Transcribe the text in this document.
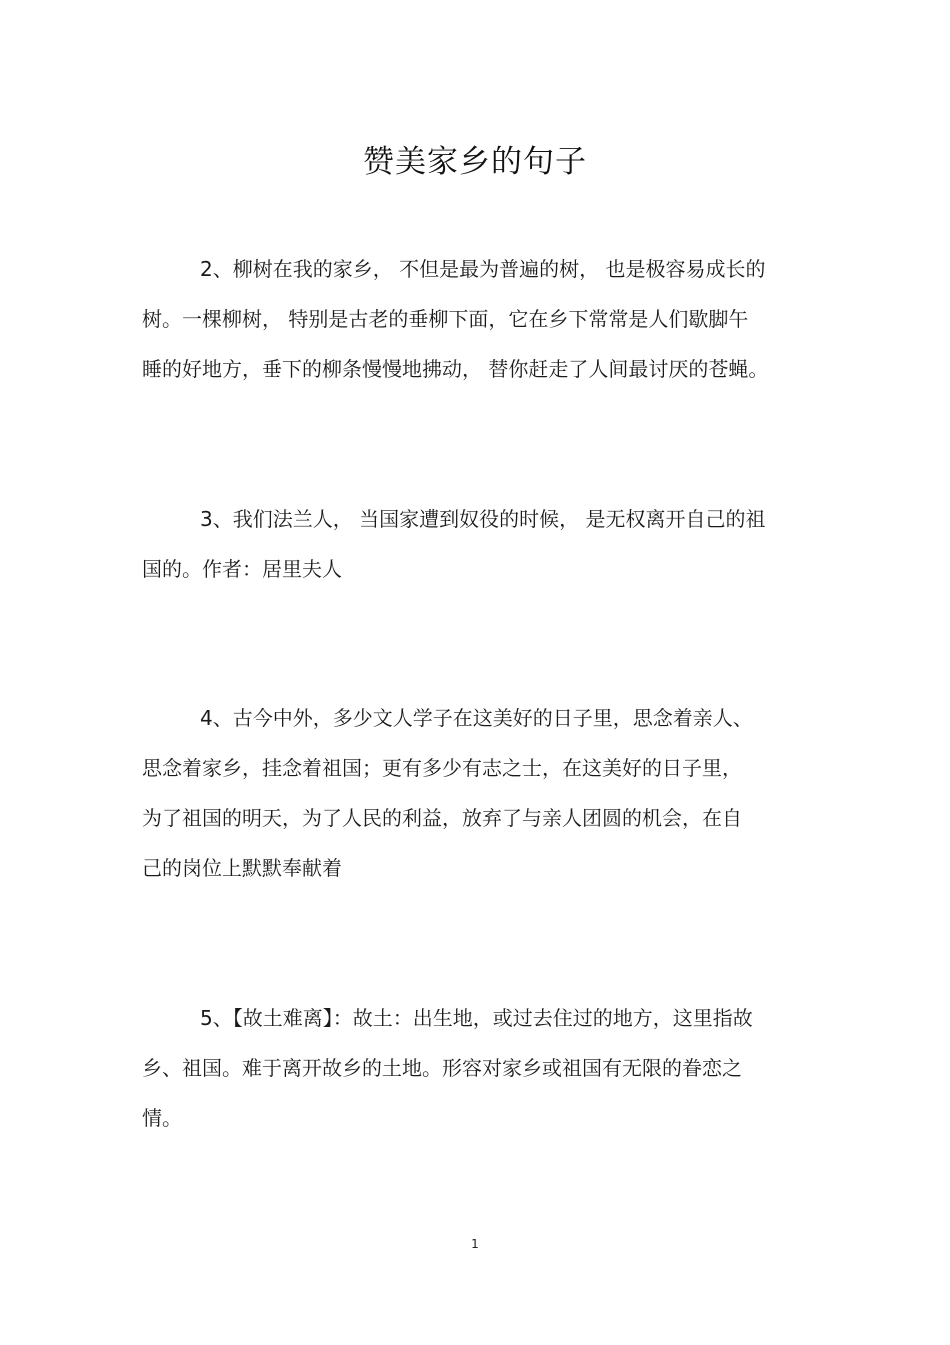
赞美家乡的句子
2、柳树在我的家乡， 不但是最为普遍的树， 也是极容易成长的
树。一棵柳树， 特别是古老的垂柳下面，它在乡下常常是人们歇脚午
睡的好地方，垂下的柳条慢慢地拂动， 替你赶走了人间最讨厌的苍蝇。
3、我们法兰人， 当国家遭到奴役的时候， 是无权离开自己的祖
国的。作者：居里夫人
4、古今中外，多少文人学子在这美好的日子里，思念着亲人、
思念着家乡，挂念着祖国；更有多少有志之士，在这美好的日子里，
为了祖国的明天，为了人民的利益，放弃了与亲人团圆的机会，在自
己的岗位上默默奉献着
5、【故土难离】：故土：出生地，或过去住过的地方，这里指故
乡、祖国。难于离开故乡的土地。形容对家乡或祖国有无限的眷恋之
情。
1
